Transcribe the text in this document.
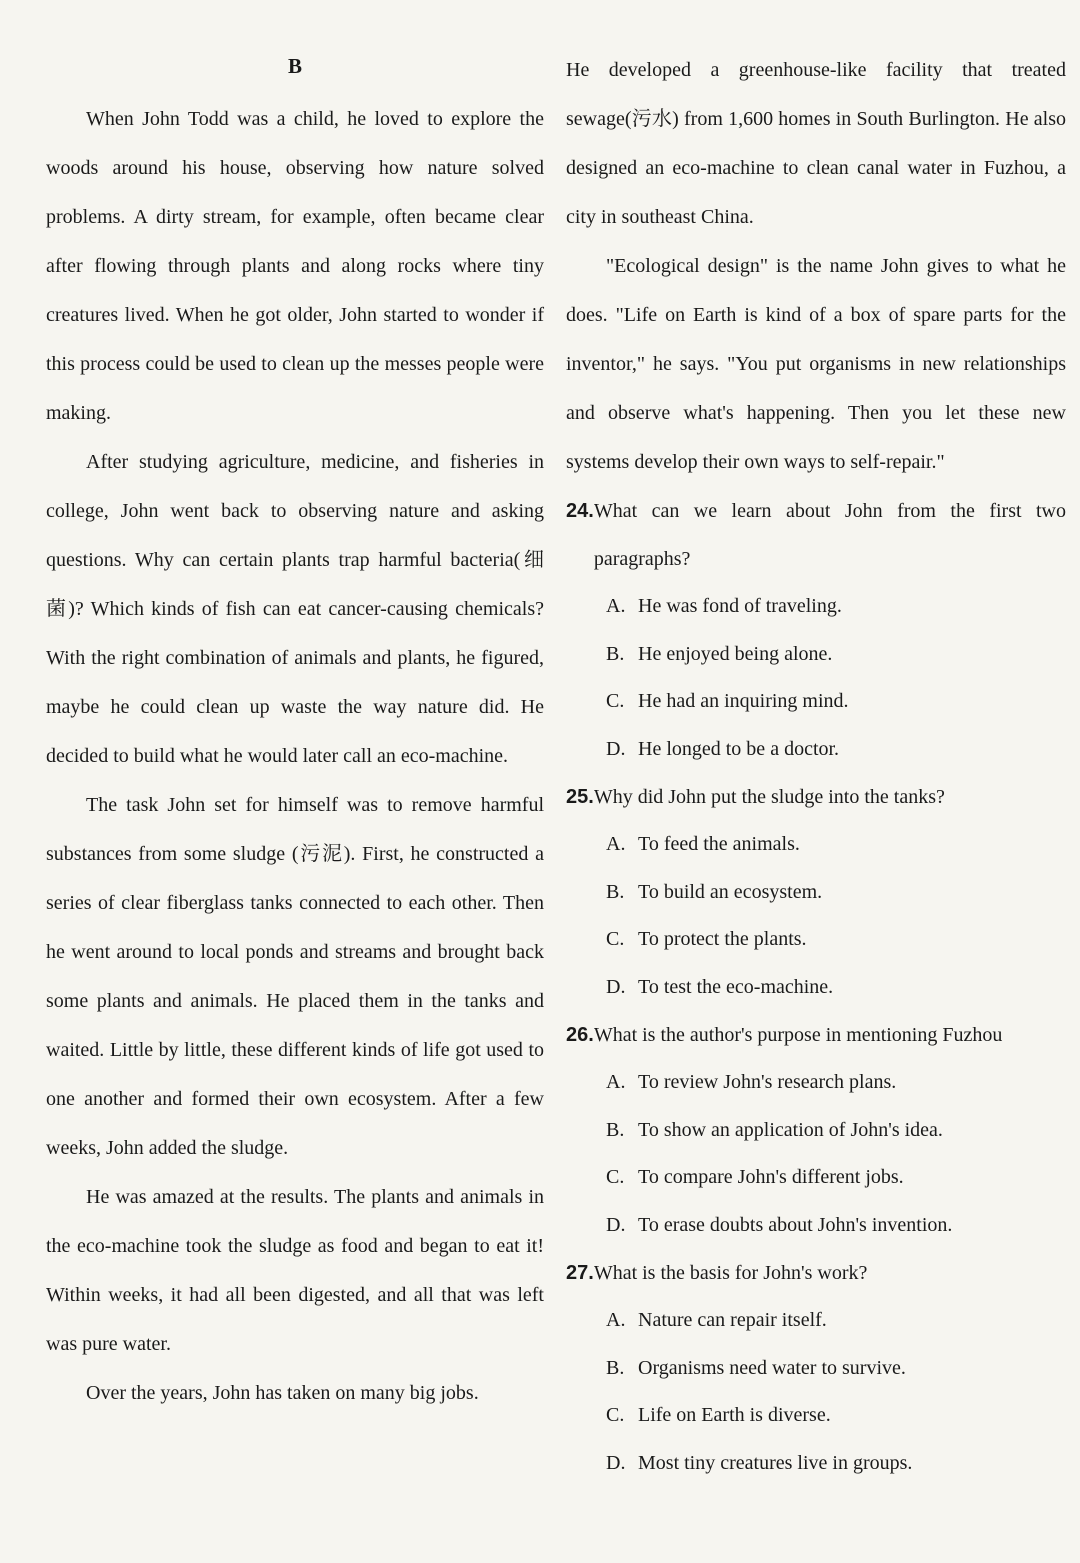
B

When John Todd was a child, he loved to explore the woods around his house, observing how nature solved problems. A dirty stream, for example, often became clear after flowing through plants and along rocks where tiny creatures lived. When he got older, John started to wonder if this process could be used to clean up the messes people were making.

After studying agriculture, medicine, and fisheries in college, John went back to observing nature and asking questions. Why can certain plants trap harmful bacteria(细菌)? Which kinds of fish can eat cancer-causing chemicals? With the right combination of animals and plants, he figured, maybe he could clean up waste the way nature did. He decided to build what he would later call an eco-machine.

The task John set for himself was to remove harmful substances from some sludge (污泥). First, he constructed a series of clear fiberglass tanks connected to each other. Then he went around to local ponds and streams and brought back some plants and animals. He placed them in the tanks and waited. Little by little, these different kinds of life got used to one another and formed their own ecosystem. After a few weeks, John added the sludge.

He was amazed at the results. The plants and animals in the eco-machine took the sludge as food and began to eat it! Within weeks, it had all been digested, and all that was left was pure water.

Over the years, John has taken on many big jobs.

He developed a greenhouse-like facility that treated sewage(污水) from 1,600 homes in South Burlington. He also designed an eco-machine to clean canal water in Fuzhou, a city in southeast China.

"Ecological design" is the name John gives to what he does. "Life on Earth is kind of a box of spare parts for the inventor," he says. "You put organisms in new relationships and observe what's happening. Then you let these new systems develop their own ways to self-repair."

24. What can we learn about John from the first two paragraphs?
A. He was fond of traveling.
B. He enjoyed being alone.
C. He had an inquiring mind.
D. He longed to be a doctor.
25. Why did John put the sludge into the tanks?
A. To feed the animals.
B. To build an ecosystem.
C. To protect the plants.
D. To test the eco-machine.
26. What is the author's purpose in mentioning Fuzhou
A. To review John's research plans.
B. To show an application of John's idea.
C. To compare John's different jobs.
D. To erase doubts about John's invention.
27. What is the basis for John's work?
A. Nature can repair itself.
B. Organisms need water to survive.
C. Life on Earth is diverse.
D. Most tiny creatures live in groups.
